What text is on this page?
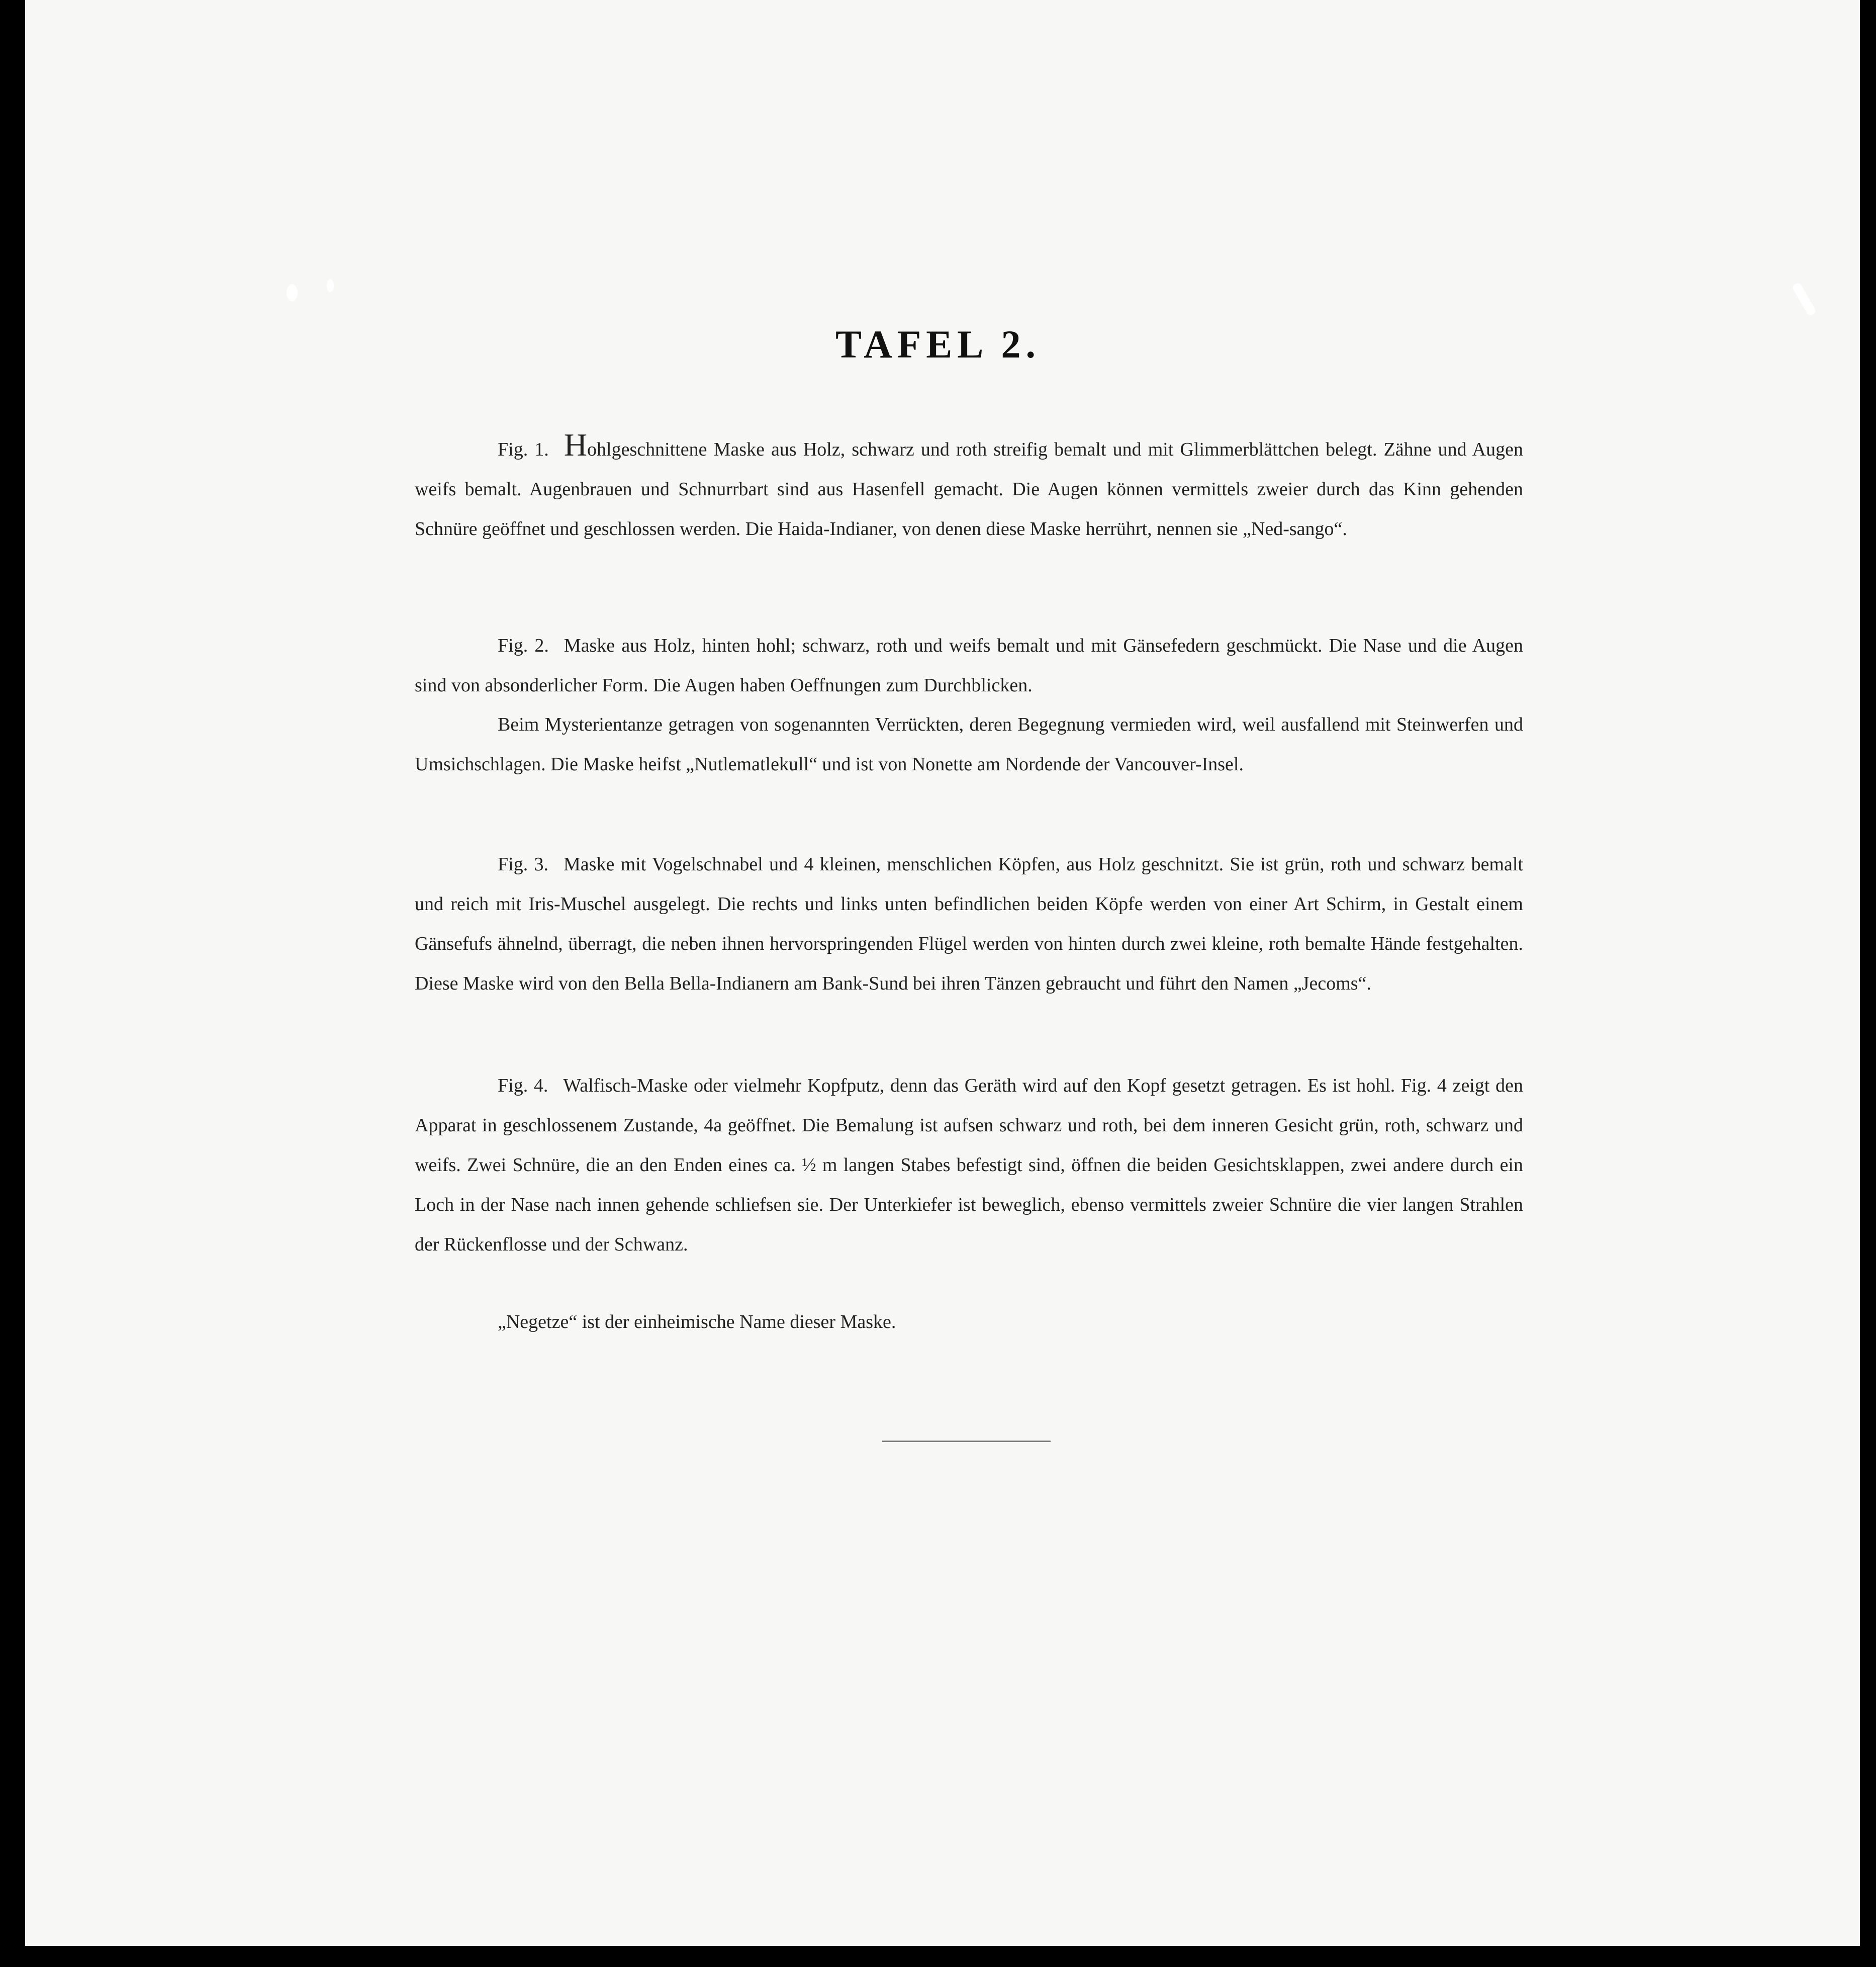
TAFEL 2.

Fig. 1. Hohlgeschnittene Maske aus Holz, schwarz und roth streifig bemalt und mit Glimmerblättchen belegt. Zähne und Augen weifs bemalt. Augenbrauen und Schnurrbart sind aus Hasenfell gemacht. Die Augen können vermittels zweier durch das Kinn gehenden Schnüre geöffnet und geschlossen werden. Die Haida-Indianer, von denen diese Maske herrührt, nennen sie „Ned-sango“.

Fig. 2. Maske aus Holz, hinten hohl; schwarz, roth und weifs bemalt und mit Gänsefedern geschmückt. Die Nase und die Augen sind von absonderlicher Form. Die Augen haben Oeffnungen zum Durchblicken.

Beim Mysterientanze getragen von sogenannten Verrückten, deren Begegnung vermieden wird, weil ausfallend mit Steinwerfen und Umsichschlagen. Die Maske heifst „Nutlematlekull“ und ist von Nonette am Nordende der Vancouver-Insel.

Fig. 3. Maske mit Vogelschnabel und 4 kleinen, menschlichen Köpfen, aus Holz geschnitzt. Sie ist grün, roth und schwarz bemalt und reich mit Iris-Muschel ausgelegt. Die rechts und links unten befindlichen beiden Köpfe werden von einer Art Schirm, in Gestalt einem Gänsefufs ähnelnd, überragt, die neben ihnen hervorspringenden Flügel werden von hinten durch zwei kleine, roth bemalte Hände festgehalten. Diese Maske wird von den Bella Bella-Indianern am Bank-Sund bei ihren Tänzen gebraucht und führt den Namen „Jecoms“.

Fig. 4. Walfisch-Maske oder vielmehr Kopfputz, denn das Geräth wird auf den Kopf gesetzt getragen. Es ist hohl. Fig. 4 zeigt den Apparat in geschlossenem Zustande, 4a geöffnet. Die Bemalung ist aufsen schwarz und roth, bei dem inneren Gesicht grün, roth, schwarz und weifs. Zwei Schnüre, die an den Enden eines ca. ½ m langen Stabes befestigt sind, öffnen die beiden Gesichtsklappen, zwei andere durch ein Loch in der Nase nach innen gehende schliefsen sie. Der Unterkiefer ist beweglich, ebenso vermittels zweier Schnüre die vier langen Strahlen der Rückenflosse und der Schwanz.

„Negetze“ ist der einheimische Name dieser Maske.
